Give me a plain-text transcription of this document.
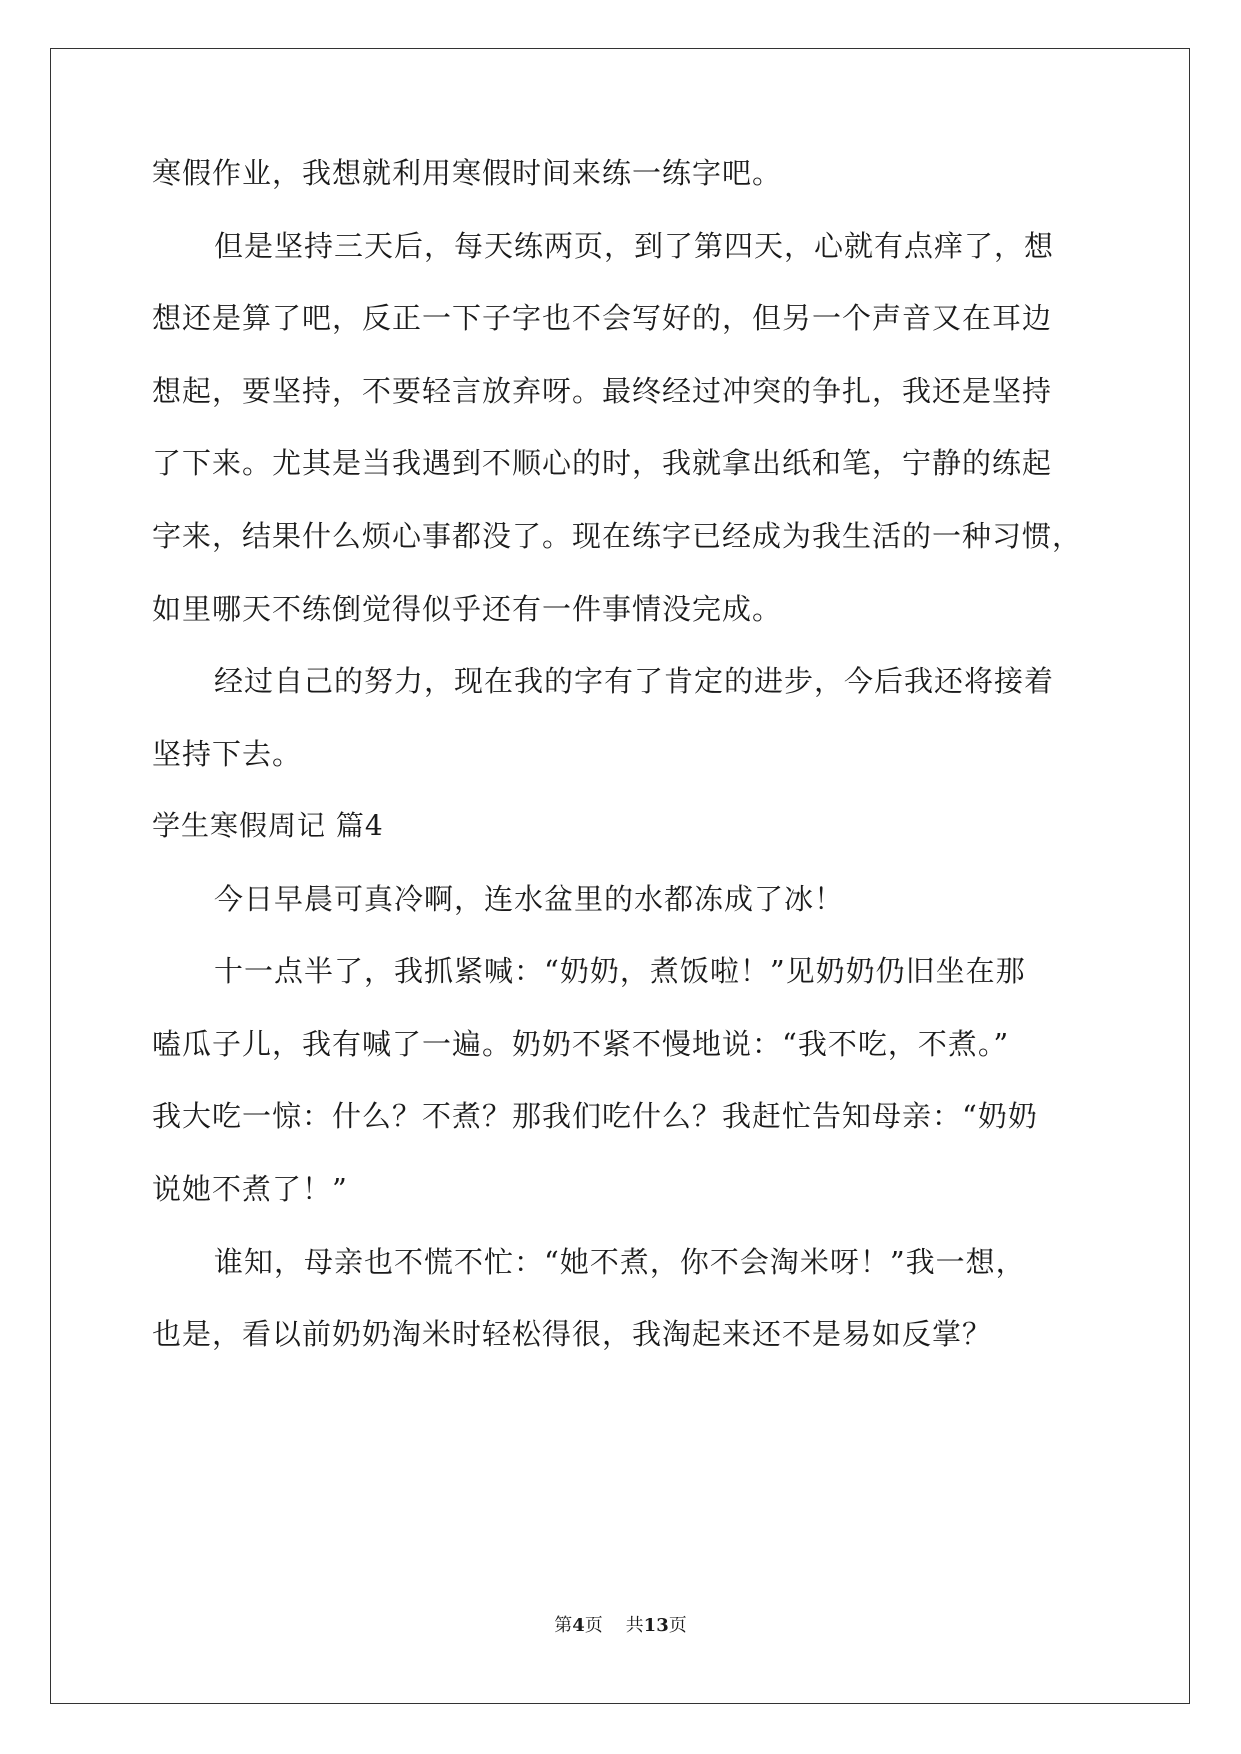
寒假作业，我想就利用寒假时间来练一练字吧。
但是坚持三天后，每天练两页，到了第四天，心就有点痒了，想
想还是算了吧，反正一下子字也不会写好的，但另一个声音又在耳边
想起，要坚持，不要轻言放弃呀。最终经过冲突的争扎，我还是坚持
了下来。尤其是当我遇到不顺心的时，我就拿出纸和笔，宁静的练起
字来，结果什么烦心事都没了。现在练字已经成为我生活的一种习惯，
如里哪天不练倒觉得似乎还有一件事情没完成。
经过自己的努力，现在我的字有了肯定的进步，今后我还将接着
坚持下去。
学生寒假周记 篇4
今日早晨可真冷啊，连水盆里的水都冻成了冰！
十一点半了，我抓紧喊：“奶奶，煮饭啦！”见奶奶仍旧坐在那
嗑瓜子儿，我有喊了一遍。奶奶不紧不慢地说：“我不吃，不煮。”
我大吃一惊：什么？不煮？那我们吃什么？我赶忙告知母亲：“奶奶
说她不煮了！”
谁知，母亲也不慌不忙：“她不煮，你不会淘米呀！”我一想，
也是，看以前奶奶淘米时轻松得很，我淘起来还不是易如反掌？
第4页 共13页
